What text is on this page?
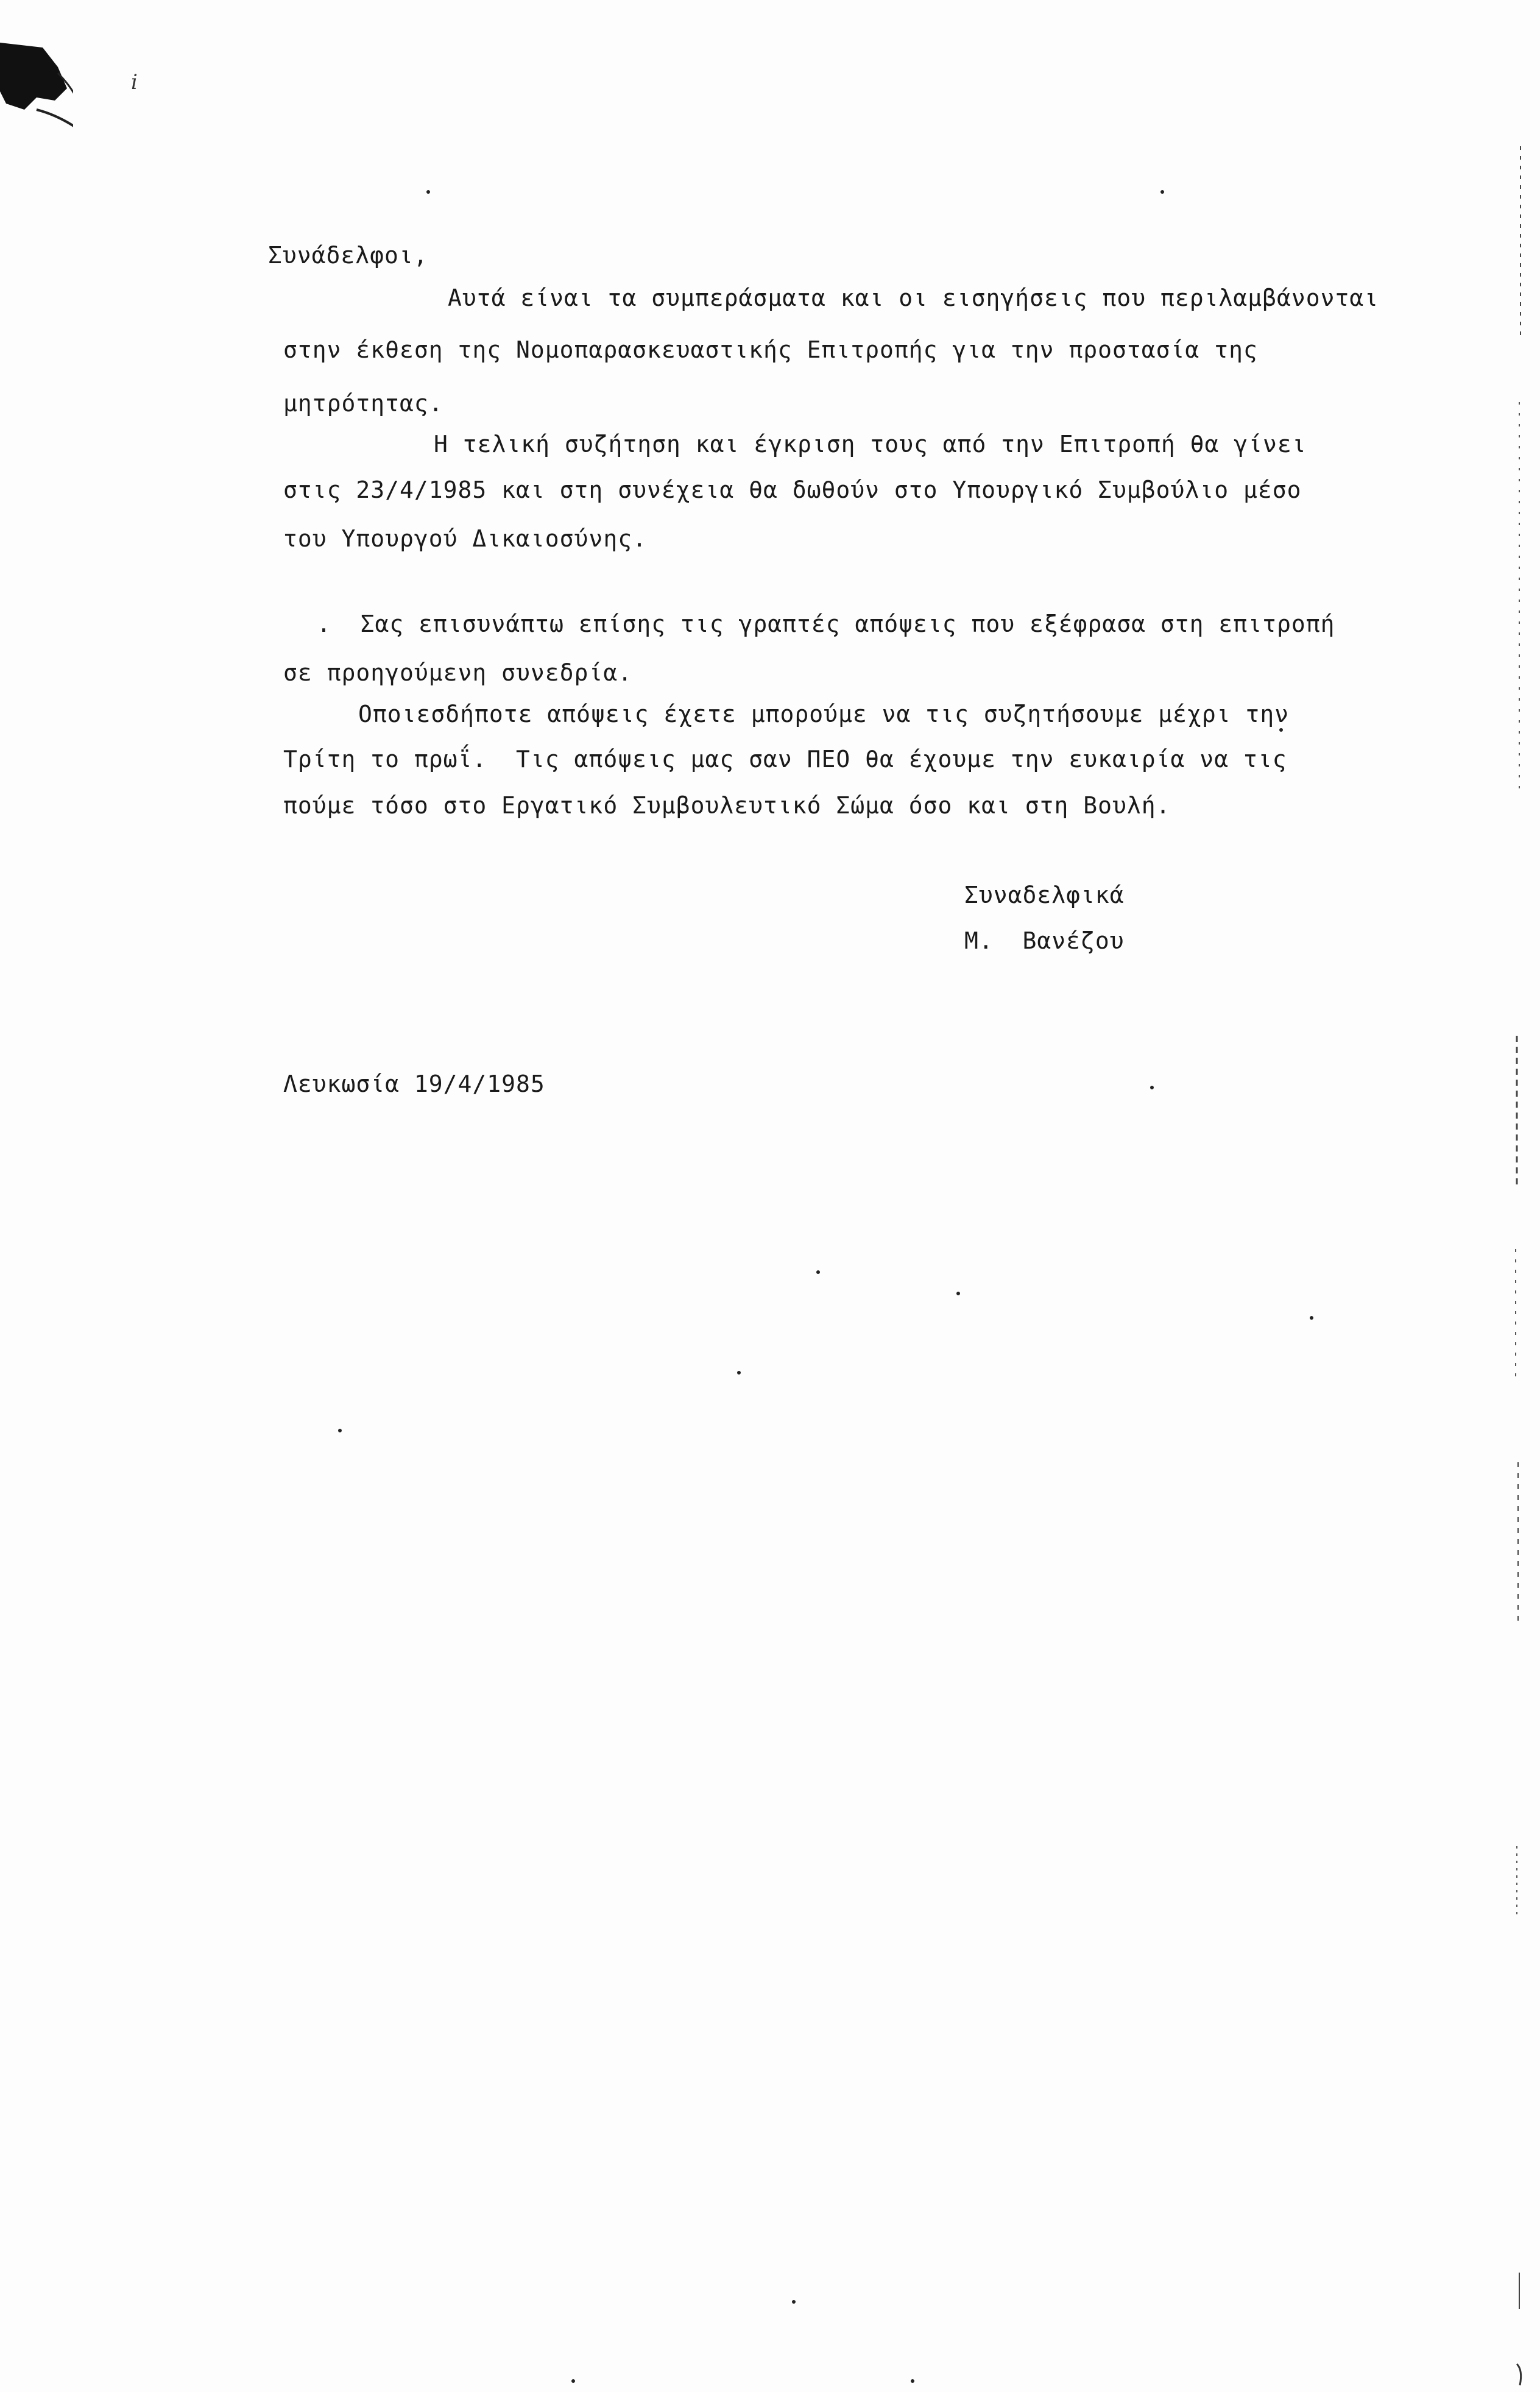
i
Συνάδελφοι,
Αυτά είναι τα συμπεράσματα και οι εισηγήσεις που περιλαμβάνονται
στην έκθεση της Νομοπαρασκευαστικής Επιτροπής για την προστασία της
μητρότητας.
Η τελική συζήτηση και έγκριση τους από την Επιτροπή θα γίνει
στις 23/4/1985 και στη συνέχεια θα δωθούν στο Υπουργικό Συμβούλιο μέσο
του Υπουργού Δικαιοσύνης.
.  Σας επισυνάπτω επίσης τις γραπτές απόψεις που εξέφρασα στη επιτροπή
σε προηγούμενη συνεδρία.
Οποιεσδήποτε απόψεις έχετε μπορούμε να τις συζητήσουμε μέχρι την
Τρίτη το πρωΐ.  Τις απόψεις μας σαν ΠΕΟ θα έχουμε την ευκαιρία να τις
πούμε τόσο στο Εργατικό Συμβουλευτικό Σώμα όσο και στη Βουλή.
Συναδελφικά
Μ.  Βανέζου
Λευκωσία 19/4/1985
